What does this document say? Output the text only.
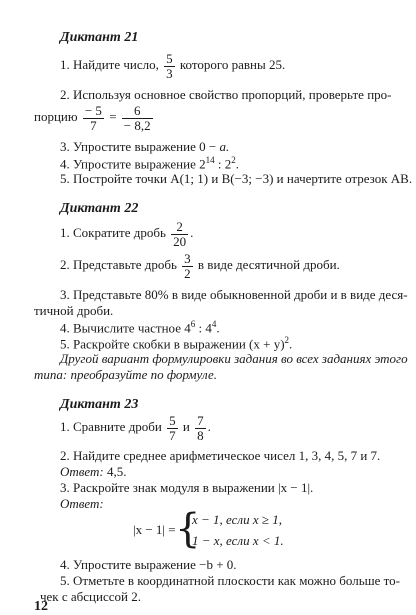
Диктант 21
1. Найдите число, $\frac{5}{3}$ которого равны 25.
2. Используя основное свойство пропорций, проверьте про-
порцию $\frac{- 5}{7} = \frac{6}{- 8,2}$
3. Упростите выражение 0 − a.
4. Упростите выражение $2^{14}$ : $2^2$.
5. Постройте точки A(1; 1) и B(−3; −3) и начертите отрезок AB.
Диктант 22
1. Сократите дробь $\frac{2}{20}$ .
2. Представьте дробь $\frac{3}{2}$ в виде десятичной дроби.
3. Представьте 80% в виде обыкновенной дроби и в виде деся-
тичной дроби.
4. Вычислите частное $4^6$ : $4^4$.
5. Раскройте скобки в выражении $(x + y)^2$.
Другой вариант формулировки задания во всех заданиях этого
типа: преобразуйте по формуле.
Диктант 23
1. Сравните дроби $\frac{5}{7}$ и $\frac{7}{8}$ .
2. Найдите среднее арифметическое чисел 1, 3, 4, 5, 7 и 7.
Ответ: 4,5.
3. Раскройте знак модуля в выражении |x − 1|.
Ответ:
|x − 1| = {
x − 1, если x ≥ 1,
1 − x, если x < 1.
4. Упростите выражение −b + 0.
5. Отметьте в координатной плоскости как можно больше то-
чек с абсциссой 2.
12
